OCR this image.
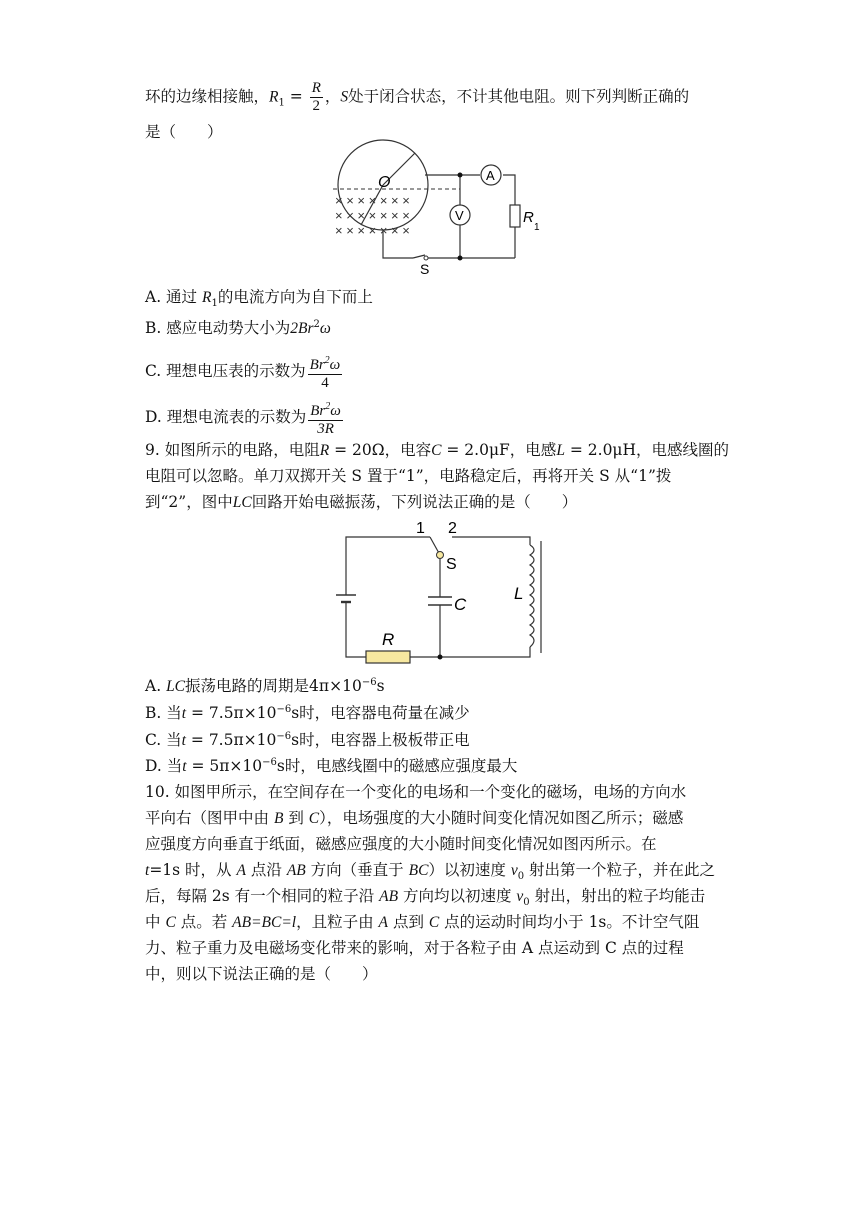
环的边缘相接触，$R_1 = \frac{R}{2}$ ，S处于闭合状态，不计其他电阻。则下列判断正确的
是（　　）
O
× × × × × × ×
× × × × × × ×
× × × × × × ×
A
V	R
S
1
A. 通过 $R_1$的电流方向为自下而上
B. 感应电动势大小为2Br$^2$ω
C. 理想电压表的示数为 $\frac{Br^2\omega}{4}$
D. 理想电流表的示数为 $\frac{Br^2\omega}{3R}$
9. 如图所示的电路，电阻R = 20Ω，电容C = 2.0μF，电感L = 2.0μH，电感线圈的
电阻可以忽略。单刀双掷开关 S 置于“1”，电路稳定后，再将开关 S 从“1”拨
到“2”，图中LC回路开始电磁振荡，下列说法正确的是（　　）
1 2
S
C
R
L
A. LC振荡电路的周期是$4\pi\times 10^{-6}s$
B. 当$t = 7.5\pi\times 10^{-6}s$时，电容器电荷量在减少
C. 当$t = 7.5\pi\times 10^{-6}s$时，电容器上极板带正电
D. 当$t = 5\pi\times 10^{-6}s$时，电感线圈中的磁感应强度最大
10. 如图甲所示，在空间存在一个变化的电场和一个变化的磁场，电场的方向水
平向右（图甲中由 B 到 C），电场强度的大小随时间变化情况如图乙所示；磁感
应强度方向垂直于纸面，磁感应强度的大小随时间变化情况如图丙所示。在
t=1s 时，从 A 点沿 AB 方向（垂直于 BC）以初速度 $v_0$ 射出第一个粒子，并在此之
后，每隔 2s 有一个相同的粒子沿 AB 方向均以初速度 $v_0$ 射出，射出的粒子均能击
中 C 点。若 AB=BC=l，且粒子由 A 点到 C 点的运动时间均小于 1s。不计空气阻
力、粒子重力及电磁场变化带来的影响，对于各粒子由 A 点运动到 C 点的过程
中，则以下说法正确的是（　　）
